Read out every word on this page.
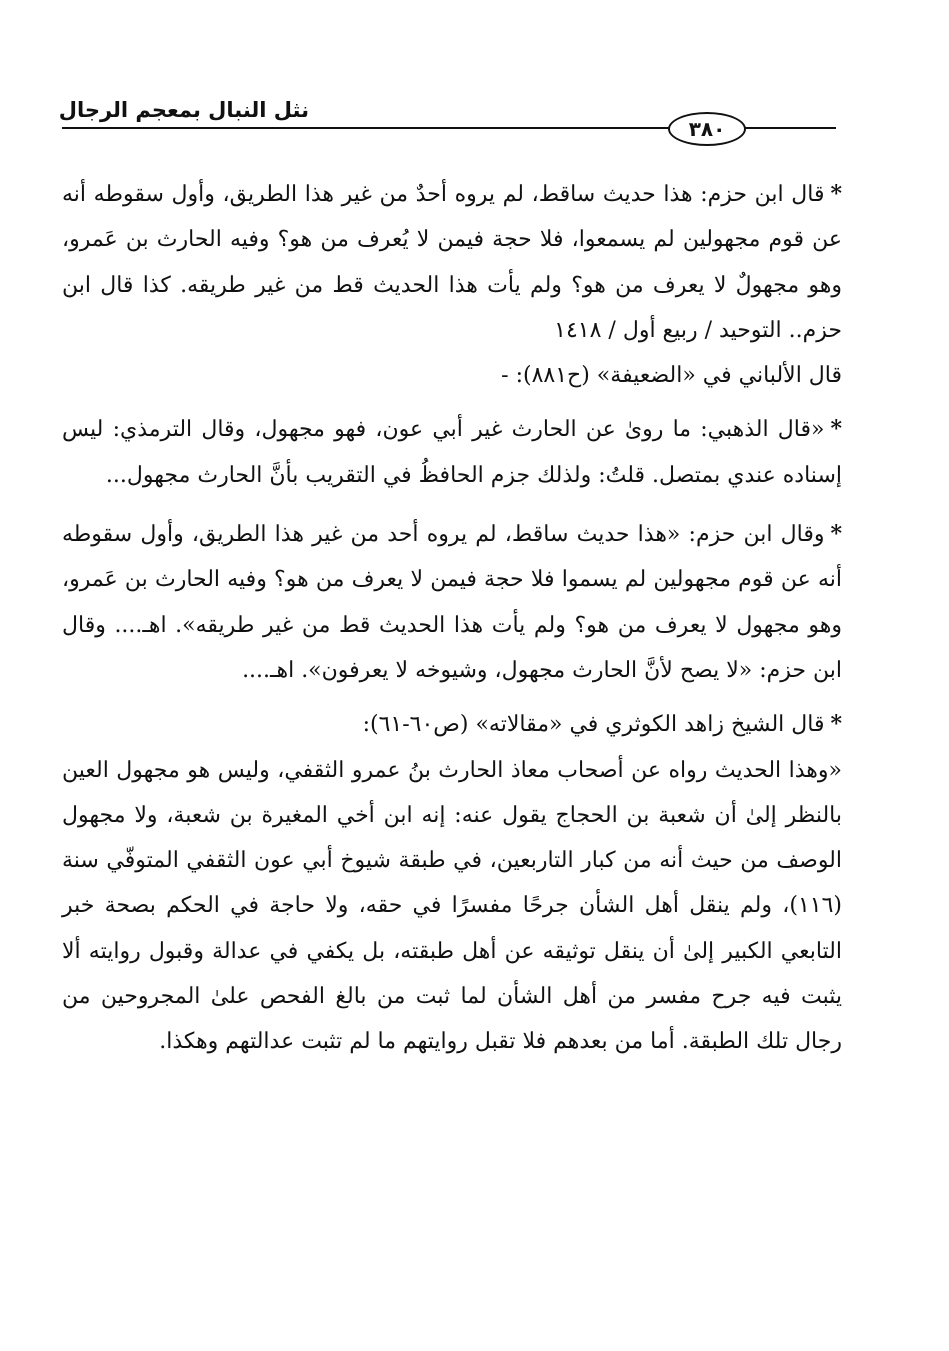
نثل النبال بمعجم الرجال
٣٨٠

*قال ابن حزم: هذا حديث ساقط، لم يروه أحدٌ من غير هذا الطريق، وأول سقوطه أنه عن قوم مجهولين لم يسمعوا، فلا حجة فيمن لا يُعرف من هو؟ وفيه الحارث بن عَمرو، وهو مجهولٌ لا يعرف من هو؟ ولم يأت هذا الحديث قط من غير طريقه. كذا قال ابن حزم.. التوحيد / ربيع أول / ١٤١٨

قال الألباني في «الضعيفة» (ح٨٨١): -

*«قال الذهبي: ما رویٰ عن الحارث غير أبي عون، فهو مجهول، وقال الترمذي: ليس إسناده عندي بمتصل. قلتُ: ولذلك جزم الحافظُ في التقريب بأنَّ الحارث مجهول...

*وقال ابن حزم: «هذا حديث ساقط، لم يروه أحد من غير هذا الطريق، وأول سقوطه أنه عن قوم مجهولين لم يسموا فلا حجة فيمن لا يعرف من هو؟ وفيه الحارث بن عَمرو، وهو مجهول لا يعرف من هو؟ ولم يأت هذا الحديث قط من غير طريقه». اهـ.... وقال ابن حزم: «لا يصح لأنَّ الحارث مجهول، وشيوخه لا يعرفون». اهـ....

*قال الشيخ زاهد الكوثري في «مقالاته» (ص٦٠-٦١):

«وهذا الحديث رواه عن أصحاب معاذ الحارث بنُ عمرو الثقفي، وليس هو مجهول العين بالنظر إلىٰ أن شعبة بن الحجاج يقول عنه: إنه ابن أخي المغيرة بن شعبة، ولا مجهول الوصف من حيث أنه من كبار التاربعين، في طبقة شيوخ أبي عون الثقفي المتوفّي سنة (١١٦)، ولم ينقل أهل الشأن جرحًا مفسرًا في حقه، ولا حاجة في الحكم بصحة خبر التابعي الكبير إلىٰ أن ينقل توثيقه عن أهل طبقته، بل يكفي في عدالة وقبول روايته ألا يثبت فيه جرح مفسر من أهل الشأن لما ثبت من بالغ الفحص علىٰ المجروحين من رجال تلك الطبقة. أما من بعدهم فلا تقبل روايتهم ما لم تثبت عدالتهم وهكذا.
